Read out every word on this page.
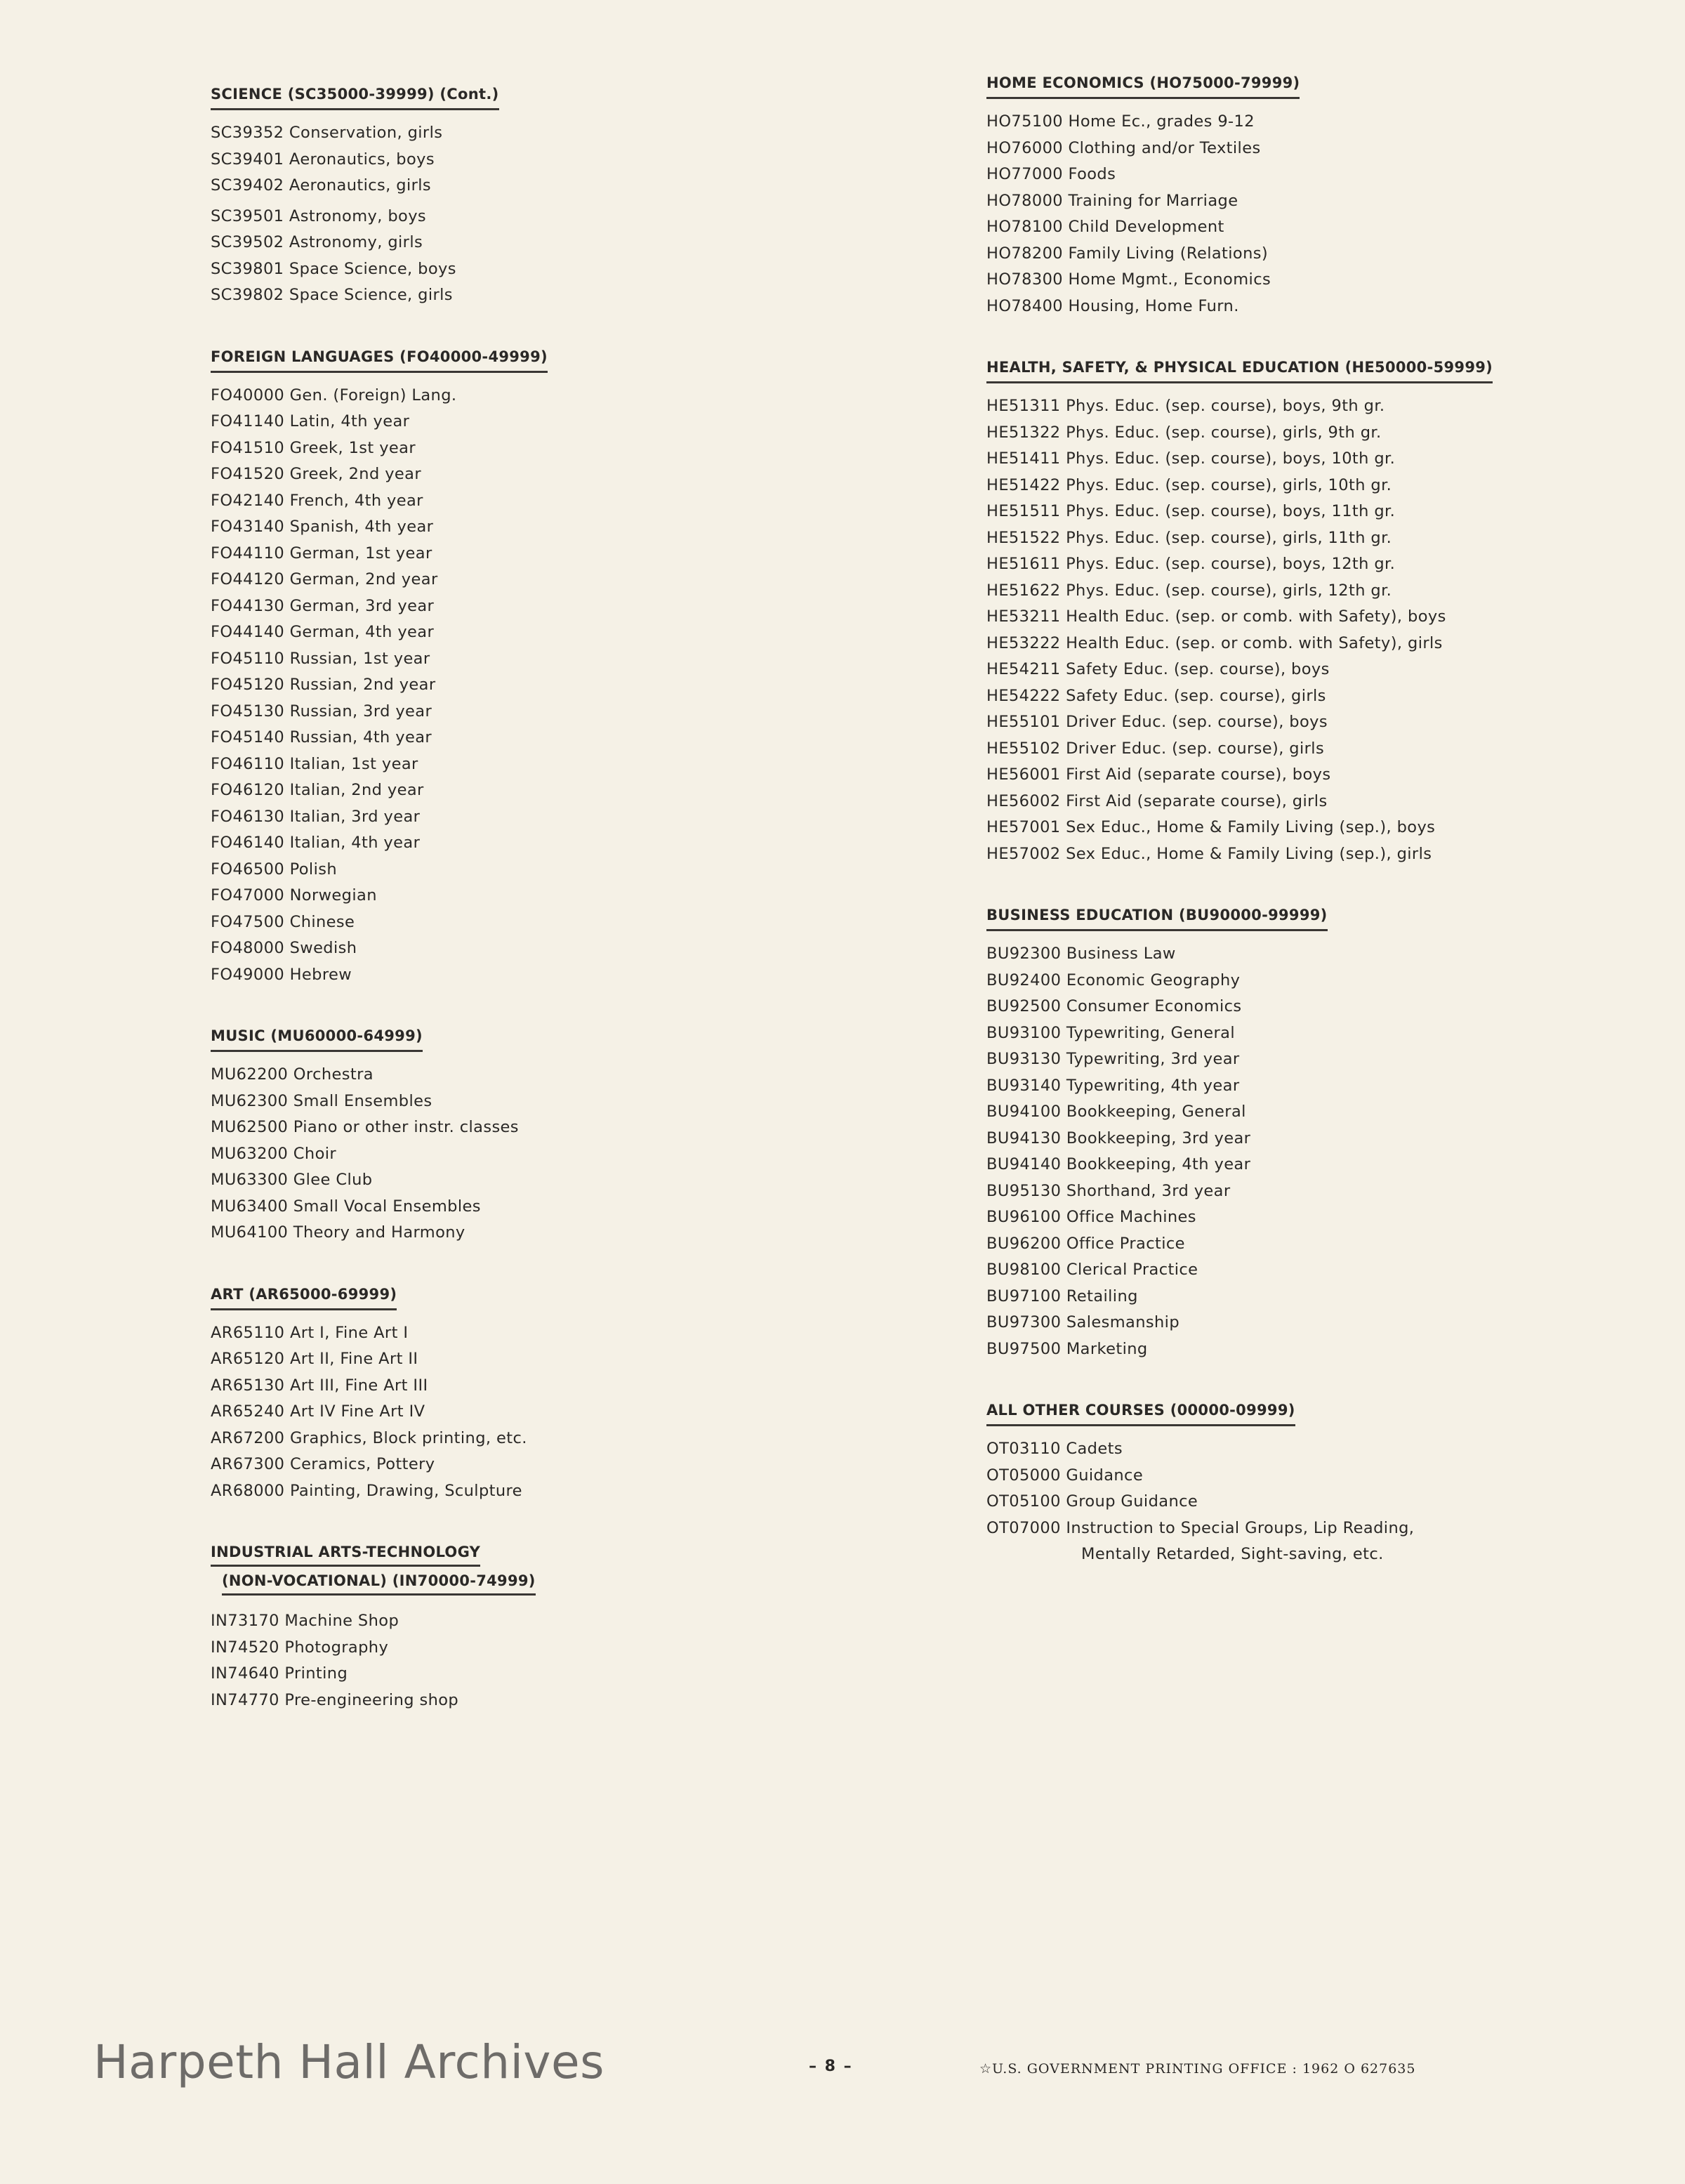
SCIENCE (SC35000-39999) (Cont.)
SC39352 Conservation, girls
SC39401 Aeronautics, boys
SC39402 Aeronautics, girls
SC39501 Astronomy, boys
SC39502 Astronomy, girls
SC39801 Space Science, boys
SC39802 Space Science, girls
FOREIGN LANGUAGES (FO40000-49999)
FO40000 Gen. (Foreign) Lang.
FO41140 Latin, 4th year
FO41510 Greek, 1st year
FO41520 Greek, 2nd year
FO42140 French, 4th year
FO43140 Spanish, 4th year
FO44110 German, 1st year
FO44120 German, 2nd year
FO44130 German, 3rd year
FO44140 German, 4th year
FO45110 Russian, 1st year
FO45120 Russian, 2nd year
FO45130 Russian, 3rd year
FO45140 Russian, 4th year
FO46110 Italian, 1st year
FO46120 Italian, 2nd year
FO46130 Italian, 3rd year
FO46140 Italian, 4th year
FO46500 Polish
FO47000 Norwegian
FO47500 Chinese
FO48000 Swedish
FO49000 Hebrew
MUSIC (MU60000-64999)
MU62200 Orchestra
MU62300 Small Ensembles
MU62500 Piano or other instr. classes
MU63200 Choir
MU63300 Glee Club
MU63400 Small Vocal Ensembles
MU64100 Theory and Harmony
ART (AR65000-69999)
AR65110 Art I, Fine Art I
AR65120 Art II, Fine Art II
AR65130 Art III, Fine Art III
AR65240 Art IV Fine Art IV
AR67200 Graphics, Block printing, etc.
AR67300 Ceramics, Pottery
AR68000 Painting, Drawing, Sculpture
INDUSTRIAL ARTS-TECHNOLOGY
(NON-VOCATIONAL) (IN70000-74999)
IN73170 Machine Shop
IN74520 Photography
IN74640 Printing
IN74770 Pre-engineering shop
HOME ECONOMICS (HO75000-79999)
HO75100 Home Ec., grades 9-12
HO76000 Clothing and/or Textiles
HO77000 Foods
HO78000 Training for Marriage
HO78100 Child Development
HO78200 Family Living (Relations)
HO78300 Home Mgmt., Economics
HO78400 Housing, Home Furn.
HEALTH, SAFETY, & PHYSICAL EDUCATION (HE50000-59999)
HE51311 Phys. Educ. (sep. course), boys, 9th gr.
HE51322 Phys. Educ. (sep. course), girls, 9th gr.
HE51411 Phys. Educ. (sep. course), boys, 10th gr.
HE51422 Phys. Educ. (sep. course), girls, 10th gr.
HE51511 Phys. Educ. (sep. course), boys, 11th gr.
HE51522 Phys. Educ. (sep. course), girls, 11th gr.
HE51611 Phys. Educ. (sep. course), boys, 12th gr.
HE51622 Phys. Educ. (sep. course), girls, 12th gr.
HE53211 Health Educ. (sep. or comb. with Safety), boys
HE53222 Health Educ. (sep. or comb. with Safety), girls
HE54211 Safety Educ. (sep. course), boys
HE54222 Safety Educ. (sep. course), girls
HE55101 Driver Educ. (sep. course), boys
HE55102 Driver Educ. (sep. course), girls
HE56001 First Aid (separate course), boys
HE56002 First Aid (separate course), girls
HE57001 Sex Educ., Home & Family Living (sep.), boys
HE57002 Sex Educ., Home & Family Living (sep.), girls
BUSINESS EDUCATION (BU90000-99999)
BU92300 Business Law
BU92400 Economic Geography
BU92500 Consumer Economics
BU93100 Typewriting, General
BU93130 Typewriting, 3rd year
BU93140 Typewriting, 4th year
BU94100 Bookkeeping, General
BU94130 Bookkeeping, 3rd year
BU94140 Bookkeeping, 4th year
BU95130 Shorthand, 3rd year
BU96100 Office Machines
BU96200 Office Practice
BU98100 Clerical Practice
BU97100 Retailing
BU97300 Salesmanship
BU97500 Marketing
ALL OTHER COURSES (00000-09999)
OT03110 Cadets
OT05000 Guidance
OT05100 Group Guidance
OT07000 Instruction to Special Groups, Lip Reading,
Mentally Retarded, Sight-saving, etc.
Harpeth Hall Archives	– 8 –	☆U.S. GOVERNMENT PRINTING OFFICE : 1962 O 627635
